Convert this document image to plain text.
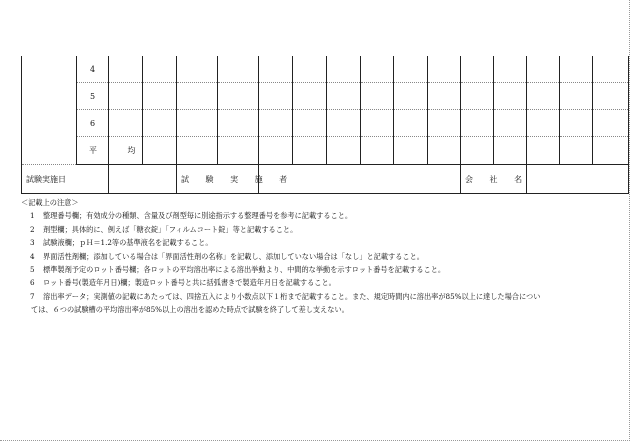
	4															
	5															
	6															
	平 均															
試験実施日				試 験 実 施 者								会 社 名				
＜記載上の注意＞
1	整理番号欄；有効成分の種類、含量及び剤型毎に別途指示する整理番号を参考に記載すること。
2	剤型欄；具体的に、例えば「糖衣錠」「フィルムコート錠」等と記載すること。
3	試験液欄；ｐＨ＝1.2等の基準液名を記載すること。
4	界面活性剤欄；添加している場合は「界面活性剤の名称」を記載し、添加していない場合は「なし」と記載すること。
5	標準製剤予定のロット番号欄；各ロットの平均溶出率による溶出挙動より、中間的な挙動を示すロット番号を記載すること。
6	ロット番号(製造年月日)欄；製造ロット番号と共に括弧書きで製造年月日を記載すること。
7	溶出率データ；実測値の記載にあたっては、四捨五入により小数点以下１桁まで記載すること。また、規定時間内に溶出率が85%以上に達した場合につい
ては、６つの試験槽の平均溶出率が85%以上の溶出を認めた時点で試験を終了して差し支えない。
